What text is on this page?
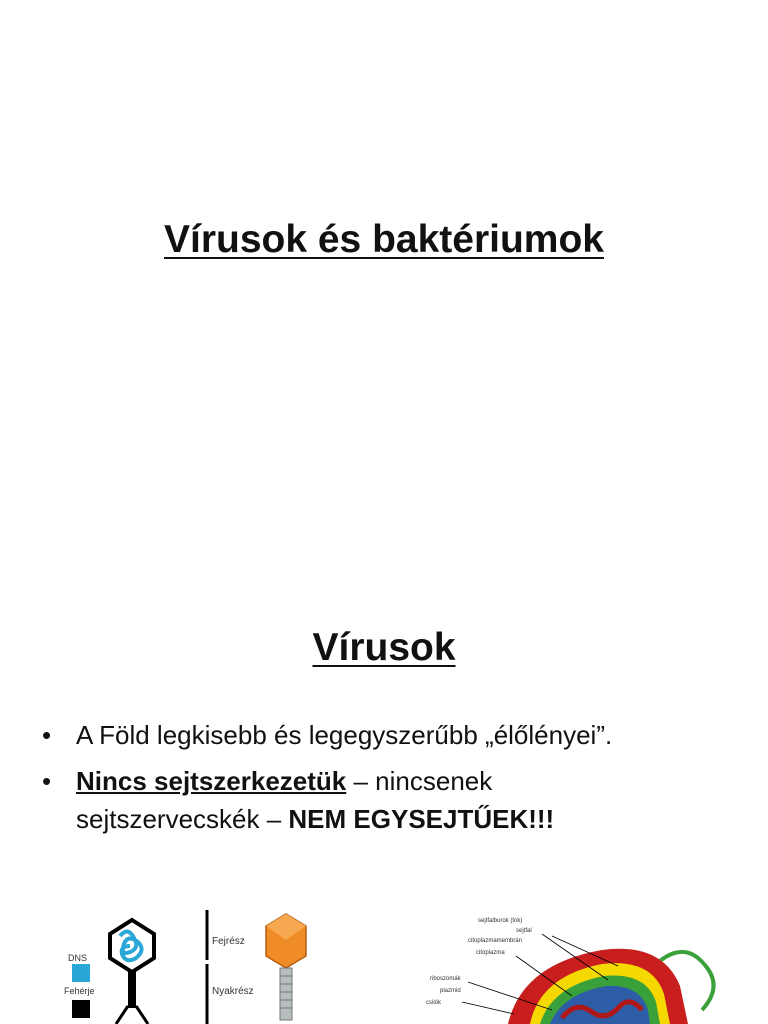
Vírusok és baktériumok
Vírusok
• A Föld legkisebb és legegyszerűbb „élőlényei”.
• Nincs sejtszerkezetük – nincsenek
sejtszervecskék – NEM EGYSEJTŰEK!!!
DNS
Fehérje
Fejrész
Nyakrész
sejtfalburok (tok)
sejtfal
citoplazmamembrán
citoplazma
riboszómák
plazmid
csilók
